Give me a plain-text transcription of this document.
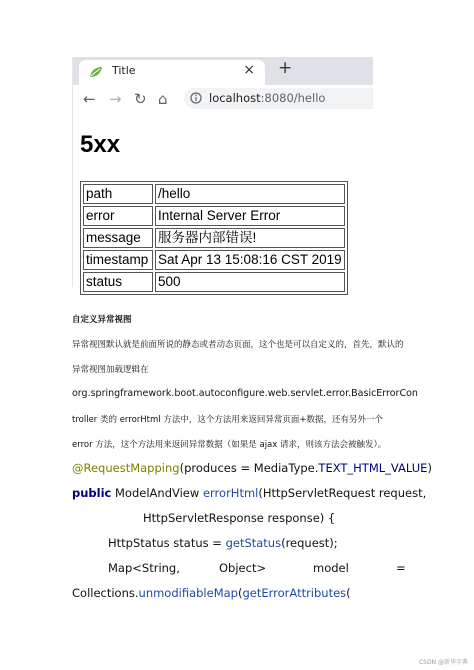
Title	× +
← → ↻ ⌂	localhost:8080/hello
5xx
path	/hello
error	Internal Server Error
message	服务器内部错误!
timestamp	Sat Apr 13 15:08:16 CST 2019
status	500
自定义异常视图
异常视图默认就是前面所说的静态或者动态页面，这个也是可以自定义的，首先，默认的
异常视图加载逻辑在
org.springframework.boot.autoconfigure.web.servlet.error.BasicErrorCon
troller 类的 errorHtml 方法中，这个方法用来返回异常页面+数据，还有另外一个
error 方法，这个方法用来返回异常数据（如果是 ajax 请求，则该方法会被触发）。
@RequestMapping(produces = MediaType.TEXT_HTML_VALUE)
public ModelAndView errorHtml(HttpServletRequest request,
HttpServletResponse response) {
HttpStatus status = getStatus(request);
Map<String,	Object>	model	=
Collections.unmodifiableMap(getErrorAttributes(
CSDN @新华字典
